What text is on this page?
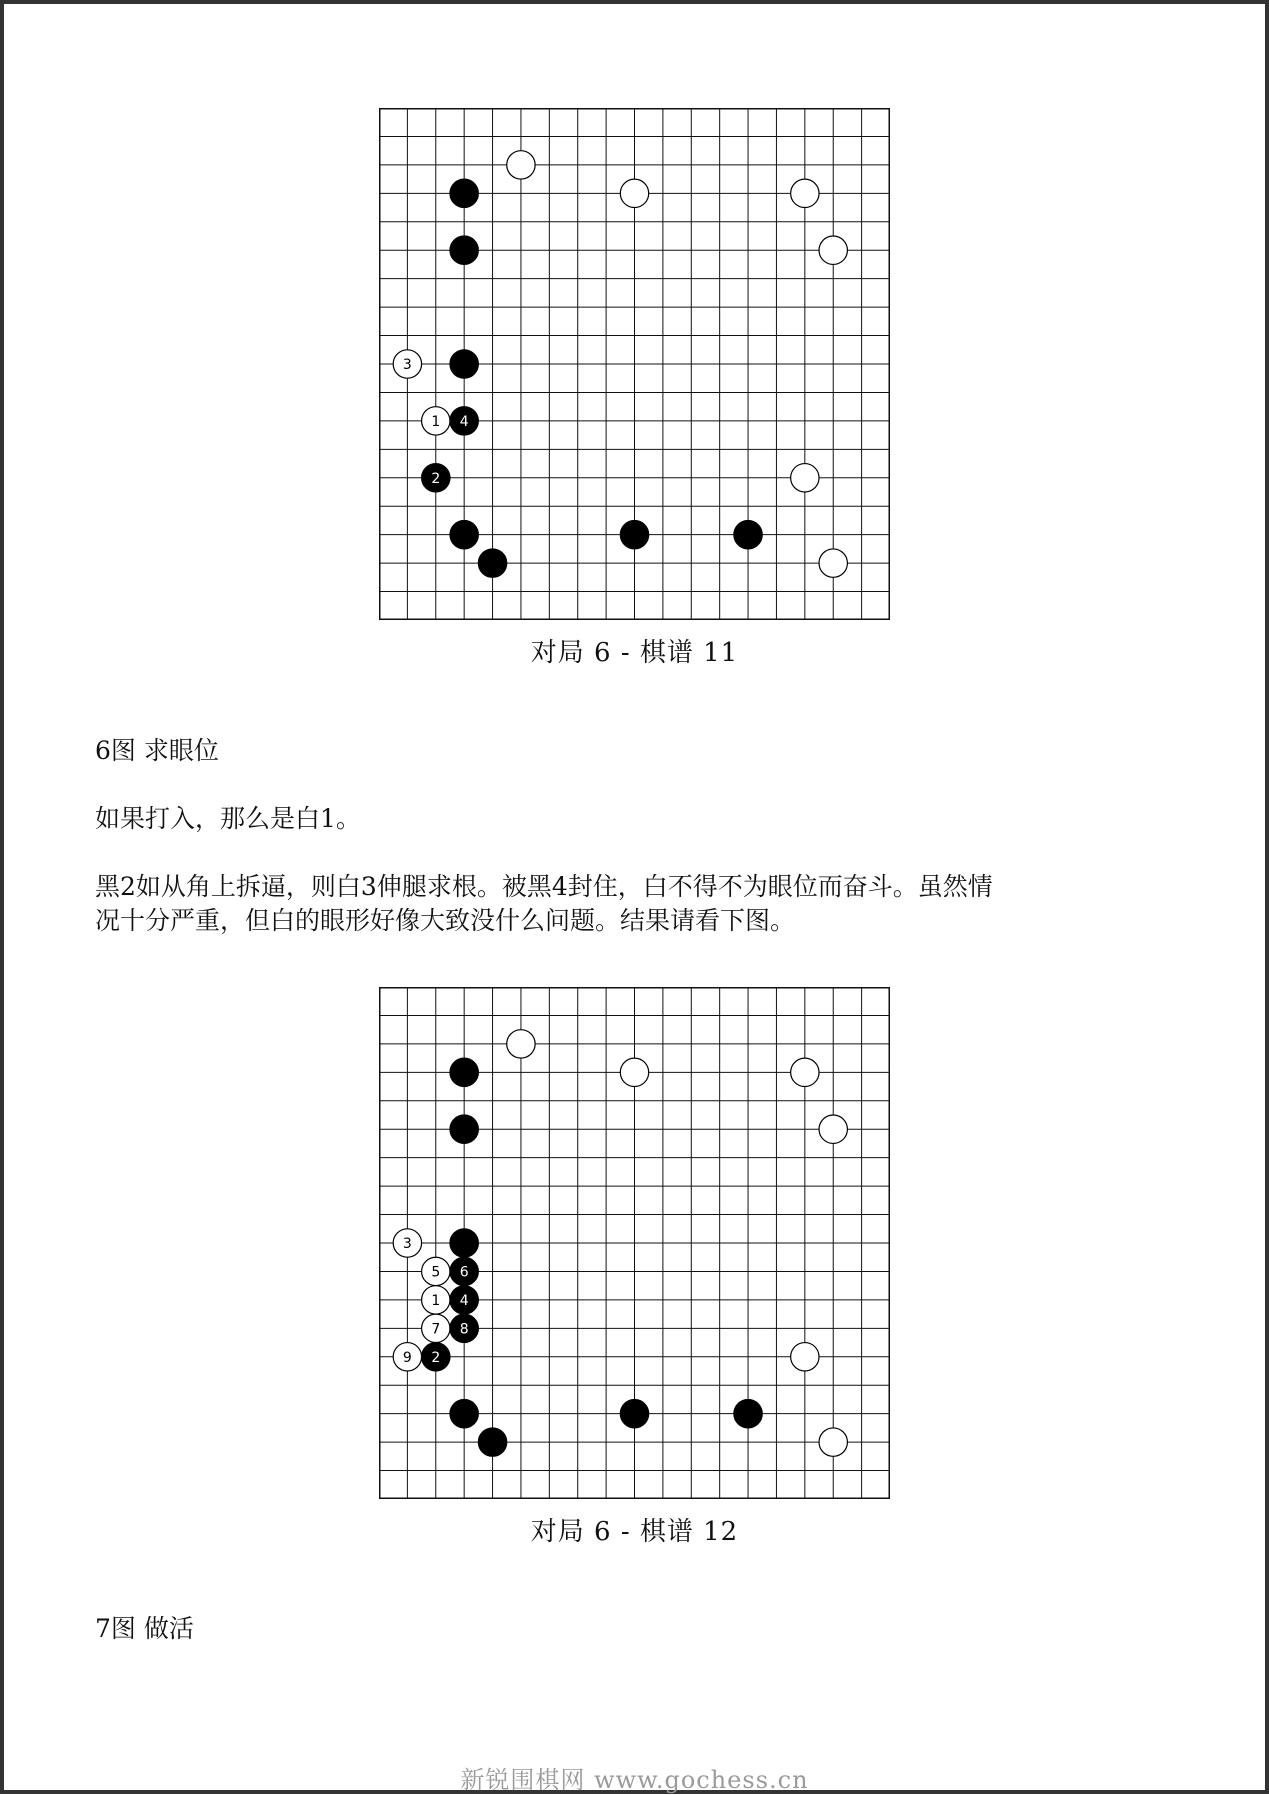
3
1 4
2
对局 6 - 棋谱 11
6图 求眼位
如果打入，那么是白1。
黑2如从角上拆逼，则白3伸腿求根。被黑4封住，白不得不为眼位而奋斗。虽然情
况十分严重，但白的眼形好像大致没什么问题。结果请看下图。
3
5 6
1 4
7 8
9 2
对局 6 - 棋谱 12
7图 做活
新锐围棋网 www.gochess.cn
